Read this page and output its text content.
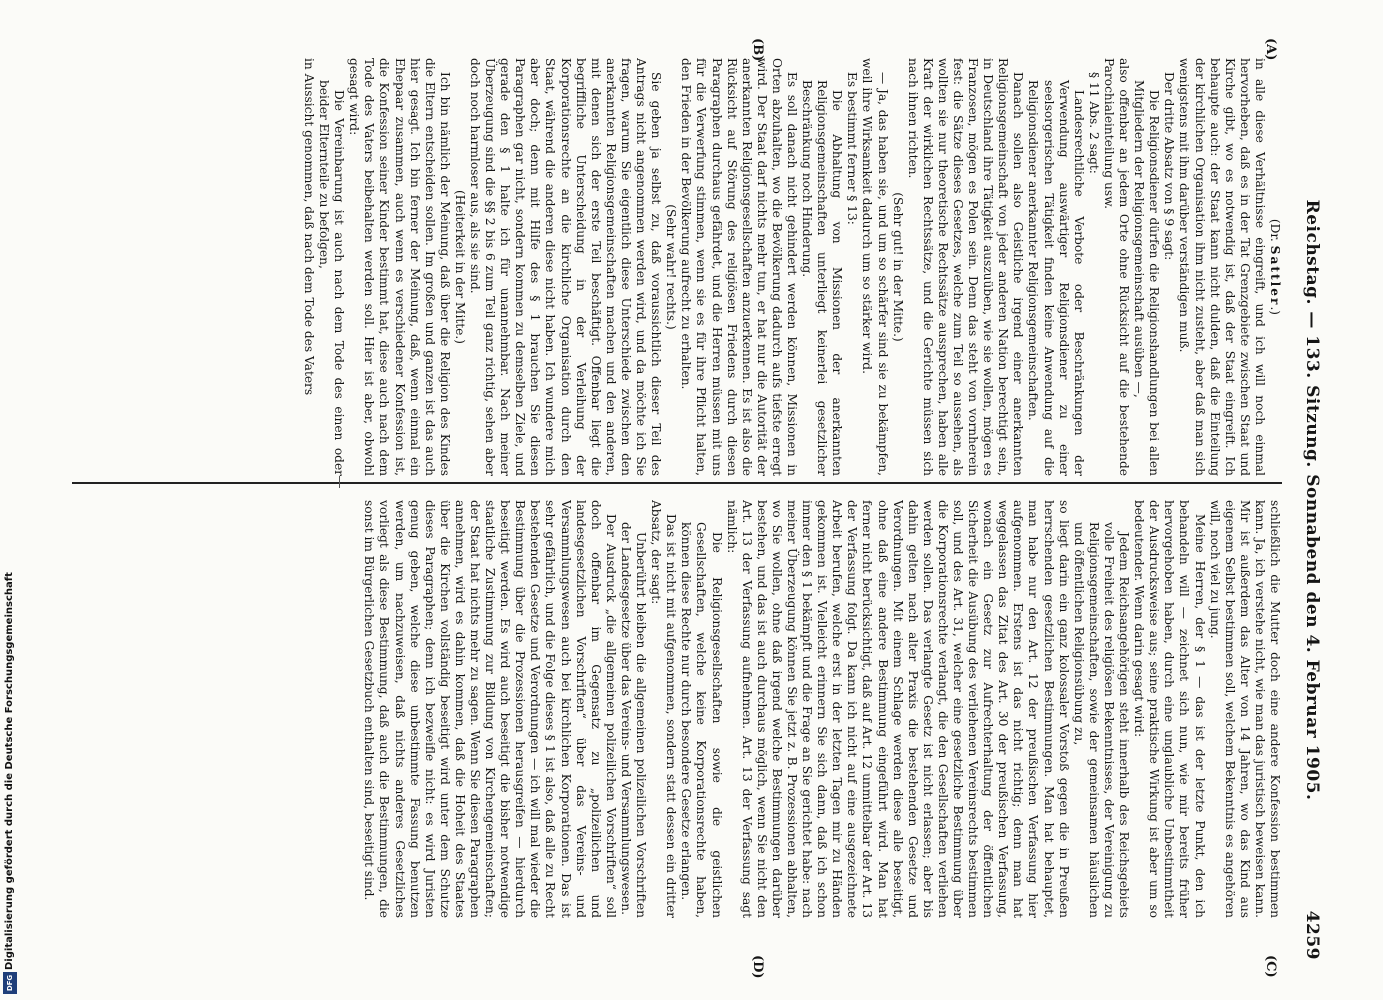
Reichstag. — 133. Sitzung. Sonnabend den 4. Februar 1905.
4259
(A)
(B)
(C)
(D)

(Dr. Sattler.)

in alle diese Verhältnisse eingreift, und ich will noch einmal hervorheben, daß es in der Tat Grenzgebiete zwischen Staat und Kirche gibt, wo es notwendig ist, daß der Staat eingreift. Ich behaupte auch: der Staat kann nicht dulden, daß die Einteilung der kirchlichen Organisation ihm nicht zusteht, aber daß man sich wenigstens mit ihm darüber verständigen muß.

Der dritte Absatz von § 9 sagt:

Die Religionsdiener dürfen die Religionshandlungen bei allen Mitgliedern der Religionsgemeinschaft ausüben —,

also offenbar an jedem Orte ohne Rücksicht auf die bestehende Parochialeinteilung usw.

§ 11 Abs. 2 sagt:

Landesrechtliche Verbote oder Beschränkungen der Verwendung auswärtiger Religionsdiener zu einer seelsorgerischen Tätigkeit finden keine Anwendung auf die Religionsdiener anerkannter Religionsgemeinschaften.

Danach sollen also Geistliche irgend einer anerkannten Religionsgemeinschaft von jeder anderen Nation berechtigt sein, in Deutschland ihre Tätigkeit auszuüben, wie sie wollen, mögen es Franzosen, mögen es Polen sein. Denn das steht von vornherein fest: die Sätze dieses Gesetzes, welche zum Teil so aussehen, als wollten sie nur theoretische Rechtssätze aussprechen, haben alle Kraft der wirklichen Rechtssätze, und die Gerichte müssen sich nach ihnen richten.

(Sehr gut! in der Mitte.)

— Ja, das haben sie, und um so schärfer sind sie zu bekämpfen, weil ihre Wirksamkeit dadurch um so stärker wird.

Es bestimmt ferner § 13:

Die Abhaltung von Missionen der anerkannten Religionsgemeinschaften unterliegt keinerlei gesetzlicher Beschränkung noch Hinderung.

Es soll danach nicht gehindert werden können, Missionen in Orten abzuhalten, wo die Bevölkerung dadurch aufs tiefste erregt wird. Der Staat darf nichts mehr tun, er hat nur die Autorität der anerkannten Religionsgesellschaften anzuerkennen. Es ist also die Rücksicht auf Störung des religiösen Friedens durch diesen Paragraphen durchaus gefährdet, und die Herren müssen mit uns für die Verwerfung stimmen, wenn sie es für ihre Pflicht halten, den Frieden in der Bevölkerung aufrecht zu erhalten.

(Sehr wahr! rechts.)

Sie geben ja selbst zu, daß voraussichtlich dieser Teil des Antrags nicht angenommen werden wird, und da möchte ich Sie fragen, warum Sie eigentlich diese Unterschiede zwischen den anerkannten Religionsgemeinschaften machen und den anderen, mit denen sich der erste Teil beschäftigt. Offenbar liegt die begriffliche Unterscheidung in der Verleihung der Korporationsrechte an die kirchliche Organisation durch den Staat, während die anderen diese nicht haben. Ich wundere mich aber doch; denn mit Hilfe des § 1 brauchen Sie diesen Paragraphen gar nicht, sondern kommen zu demselben Ziele, und gerade den § 1 halte ich für unannehmbar. Nach meiner Überzeugung sind die §§ 2 bis 6 zum Teil ganz richtig, sehen aber doch noch harmloser aus, als sie sind.

(Heiterkeit in der Mitte.)

Ich bin nämlich der Meinung, daß über die Religion des Kindes die Eltern entscheiden sollen. Im großen und ganzen ist das auch hier gesagt. Ich bin ferner der Meinung, daß, wenn einmal ein Ehepaar zusammen, auch wenn es verschiedener Konfession ist, die Konfession seiner Kinder bestimmt hat, diese auch nach dem Tode des Vaters beibehalten werden soll. Hier ist aber, obwohl gesagt wird:

Die Vereinbarung ist auch nach dem Tode des einen oder beider Elternteile zu befolgen,

in Aussicht genommen, daß nach dem Tode des Vaters

schließlich die Mutter doch eine andere Konfession bestimmen kann. Ja, ich verstehe nicht, wie man das juristisch beweisen kann. Mir ist außerdem das Alter von 14 Jahren, wo das Kind aus eigenem Selbst bestimmen soll, welchem Bekenntnis es angehören will, noch viel zu jung.

Meine Herren, der § 1 — das ist der letzte Punkt, den ich behandeln will — zeichnet sich nun, wie mir bereits früher hervorgehoben haben, durch eine unglaubliche Unbestimmtheit der Ausdrucksweise aus; seine praktische Wirkung ist aber um so bedeutender. Wenn darin gesagt wird:

Jedem Reichsangehörigen steht innerhalb des Reichsgebiets volle Freiheit des religiösen Bekenntnisses, der Vereinigung zu Religionsgemeinschaften, sowie der gemeinsamen häuslichen und öffentlichen Religionsübung zu,

so liegt darin ein ganz kolossaler Vorstoß gegen die in Preußen herrschenden gesetzlichen Bestimmungen. Man hat behauptet, man habe nur den Art. 12 der preußischen Verfassung hier aufgenommen. Erstens ist das nicht richtig; denn man hat weggelassen das Zitat des Art. 30 der preußischen Verfassung, wonach ein Gesetz zur Aufrechterhaltung der öffentlichen Sicherheit die Ausübung des verliehenen Vereinsrechts bestimmen soll, und des Art. 31, welcher eine gesetzliche Bestimmung über die Korporationsrechte verlangt, die den Gesellschaften verliehen werden sollen. Das verlangte Gesetz ist nicht erlassen; aber bis dahin gelten nach alter Praxis die bestehenden Gesetze und Verordnungen. Mit einem Schlage werden diese alle beseitigt, ohne daß eine andere Bestimmung eingeführt wird. Man hat ferner nicht berücksichtigt, daß auf Art. 12 unmittelbar der Art. 13 der Verfassung folgt. Da kann ich nicht auf eine ausgezeichnete Arbeit berufen, welche erst in der letzten Tagen mir zu Händen gekommen ist. Vielleicht erinnern Sie sich dann, daß ich schon immer den § 1 bekämpft und die Frage an Sie gerichtet habe: nach meiner Überzeugung können Sie jetzt z. B. Prozessionen abhalten, wo Sie wollen, ohne daß irgend welche Bestimmungen darüber bestehen, und das ist auch durchaus möglich, wenn Sie nicht den Art. 13 der Verfassung aufnehmen. Art. 13 der Verfassung sagt nämlich:

Die Religionsgesellschaften sowie die geistlichen Gesellschaften, welche keine Korporationsrechte haben, können diese Rechte nur durch besondere Gesetze erlangen.

Das ist nicht mit aufgenommen, sondern statt dessen ein dritter Absatz, der sagt:

Unberührt bleiben die allgemeinen polizeilichen Vorschriften der Landesgesetze über das Vereins- und Versammlungswesen.

Der Ausdruck „die allgemeinen polizeilichen Vorschriften“ soll doch offenbar im Gegensatz zu „polizeilichen und landesgesetzlichen Vorschriften“ über das Vereins- und Versammlungswesen auch bei kirchlichen Korporationen. Das ist sehr gefährlich, und die Folge dieses § 1 ist also, daß alle zu Recht bestehenden Gesetze und Verordnungen — ich will mal wieder die Bestimmung über die Prozessionen herausgreifen — hierdurch beseitigt werden. Es wird auch beseitigt die bisher notwendige staatliche Zustimmung zur Bildung von Kirchengemeinschaften; der Staat hat nichts mehr zu sagen. Wenn Sie diesen Paragraphen annehmen, wird es dahin kommen, daß die Hoheit des Staates über die Kirchen vollständig beseitigt wird unter dem Schutze dieses Paragraphen; denn ich bezweifle nicht: es wird Juristen genug geben, welche diese unbestimmte Fassung benutzen werden, um nachzuweisen, daß nichts anderes Gesetzliches vorliegt als diese Bestimmung, daß auch die Bestimmungen, die sonst im Bürgerlichen Gesetzbuch enthalten sind, beseitigt sind.

Digitalisierung gefördert durch die Deutsche Forschungsgemeinschaft
DFG
